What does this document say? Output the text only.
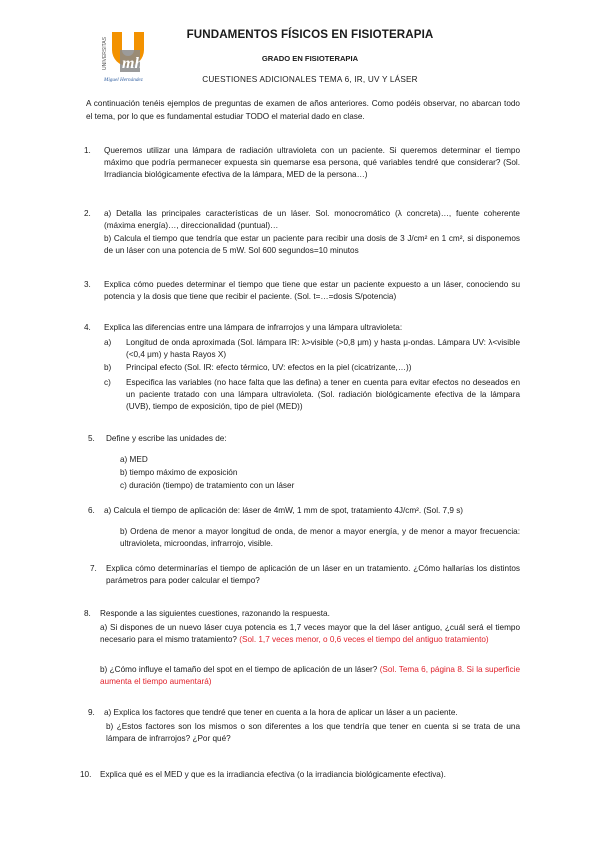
UNIVERSITAS mh
Miguel Hernández
FUNDAMENTOS FÍSICOS EN FISIOTERAPIA
GRADO EN FISIOTERAPIA
CUESTIONES ADICIONALES TEMA 6, IR, UV Y LÁSER
A continuación tenéis ejemplos de preguntas de examen de años anteriores. Como podéis observar, no abarcan todo el tema, por lo que es fundamental estudiar TODO el material dado en clase.
1. Queremos utilizar una lámpara de radiación ultravioleta con un paciente. Si queremos determinar el tiempo máximo que podría permanecer expuesta sin quemarse esa persona, qué variables tendré que considerar? (Sol. Irradiancia biológicamente efectiva de la lámpara, MED de la persona…)
2. a) Detalla las principales características de un láser. Sol. monocromático (λ concreta)…, fuente coherente (máxima energía)…, direccionalidad (puntual)…
b) Calcula el tiempo que tendría que estar un paciente para recibir una dosis de 3 J/cm² en 1 cm², si disponemos de un láser con una potencia de 5 mW. Sol 600 segundos=10 minutos
3. Explica cómo puedes determinar el tiempo que tiene que estar un paciente expuesto a un láser, conociendo su potencia y la dosis que tiene que recibir el paciente. (Sol. t=…=dosis S/potencia)
4. Explica las diferencias entre una lámpara de infrarrojos y una lámpara ultravioleta:
a) Longitud de onda aproximada (Sol. lámpara IR: λ>visible (>0,8 μm) y hasta μ-ondas. Lámpara UV: λ<visible (<0,4 μm) y hasta Rayos X)
b) Principal efecto (Sol. IR: efecto térmico, UV: efectos en la piel (cicatrizante,…))
c) Especifica las variables (no hace falta que las defina) a tener en cuenta para evitar efectos no deseados en un paciente tratado con una lámpara ultravioleta. (Sol. radiación biológicamente efectiva de la lámpara (UVB), tiempo de exposición, tipo de piel (MED))
5. Define y escribe las unidades de:
a) MED
b) tiempo máximo de exposición
c) duración (tiempo) de tratamiento con un láser
6. a) Calcula el tiempo de aplicación de: láser de 4mW, 1 mm de spot, tratamiento 4J/cm². (Sol. 7,9 s)
b) Ordena de menor a mayor longitud de onda, de menor a mayor energía, y de menor a mayor frecuencia: ultravioleta, microondas, infrarrojo, visible.
7. Explica cómo determinarías el tiempo de aplicación de un láser en un tratamiento. ¿Cómo hallarías los distintos parámetros para poder calcular el tiempo?
8. Responde a las siguientes cuestiones, razonando la respuesta.
a) Si dispones de un nuevo láser cuya potencia es 1,7 veces mayor que la del láser antiguo, ¿cuál será el tiempo necesario para el mismo tratamiento? (Sol. 1,7 veces menor, o 0,6 veces el tiempo del antiguo tratamiento)
b) ¿Cómo influye el tamaño del spot en el tiempo de aplicación de un láser? (Sol. Tema 6, página 8. Si la superficie aumenta el tiempo aumentará)
9. a) Explica los factores que tendré que tener en cuenta a la hora de aplicar un láser a un paciente.
b) ¿Estos factores son los mismos o son diferentes a los que tendría que tener en cuenta si se trata de una lámpara de infrarrojos? ¿Por qué?
10. Explica qué es el MED y que es la irradiancia efectiva (o la irradiancia biológicamente efectiva).
